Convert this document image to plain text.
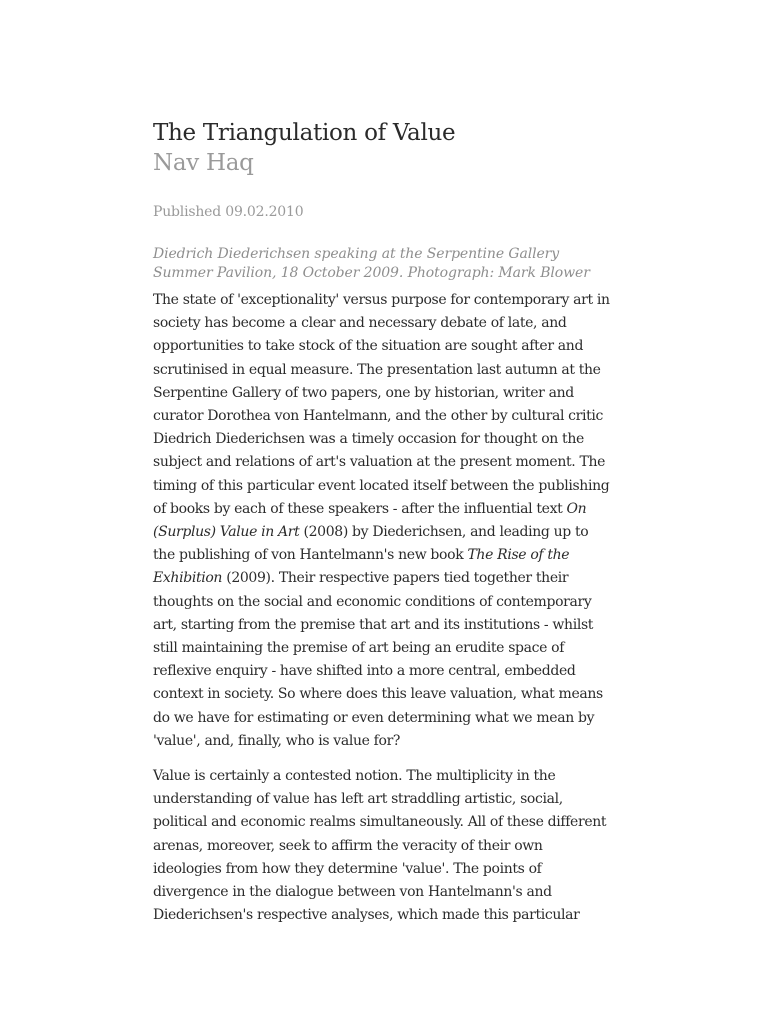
The Triangulation of Value
Nav Haq
Published 09.02.2010
Diedrich Diederichsen speaking at the Serpentine Gallery
Summer Pavilion, 18 October 2009. Photograph: Mark Blower

The state of 'exceptionality' versus purpose for contemporary art in
society has become a clear and necessary debate of late, and
opportunities to take stock of the situation are sought after and
scrutinised in equal measure. The presentation last autumn at the
Serpentine Gallery of two papers, one by historian, writer and
curator Dorothea von Hantelmann, and the other by cultural critic
Diedrich Diederichsen was a timely occasion for thought on the
subject and relations of art's valuation at the present moment. The
timing of this particular event located itself between the publishing
of books by each of these speakers - after the influential text On
(Surplus) Value in Art (2008) by Diederichsen, and leading up to
the publishing of von Hantelmann's new book The Rise of the
Exhibition (2009). Their respective papers tied together their
thoughts on the social and economic conditions of contemporary
art, starting from the premise that art and its institutions - whilst
still maintaining the premise of art being an erudite space of
reflexive enquiry - have shifted into a more central, embedded
context in society. So where does this leave valuation, what means
do we have for estimating or even determining what we mean by
'value', and, finally, who is value for?

Value is certainly a contested notion. The multiplicity in the
understanding of value has left art straddling artistic, social,
political and economic realms simultaneously. All of these different
arenas, moreover, seek to affirm the veracity of their own
ideologies from how they determine 'value'. The points of
divergence in the dialogue between von Hantelmann's and
Diederichsen's respective analyses, which made this particular
